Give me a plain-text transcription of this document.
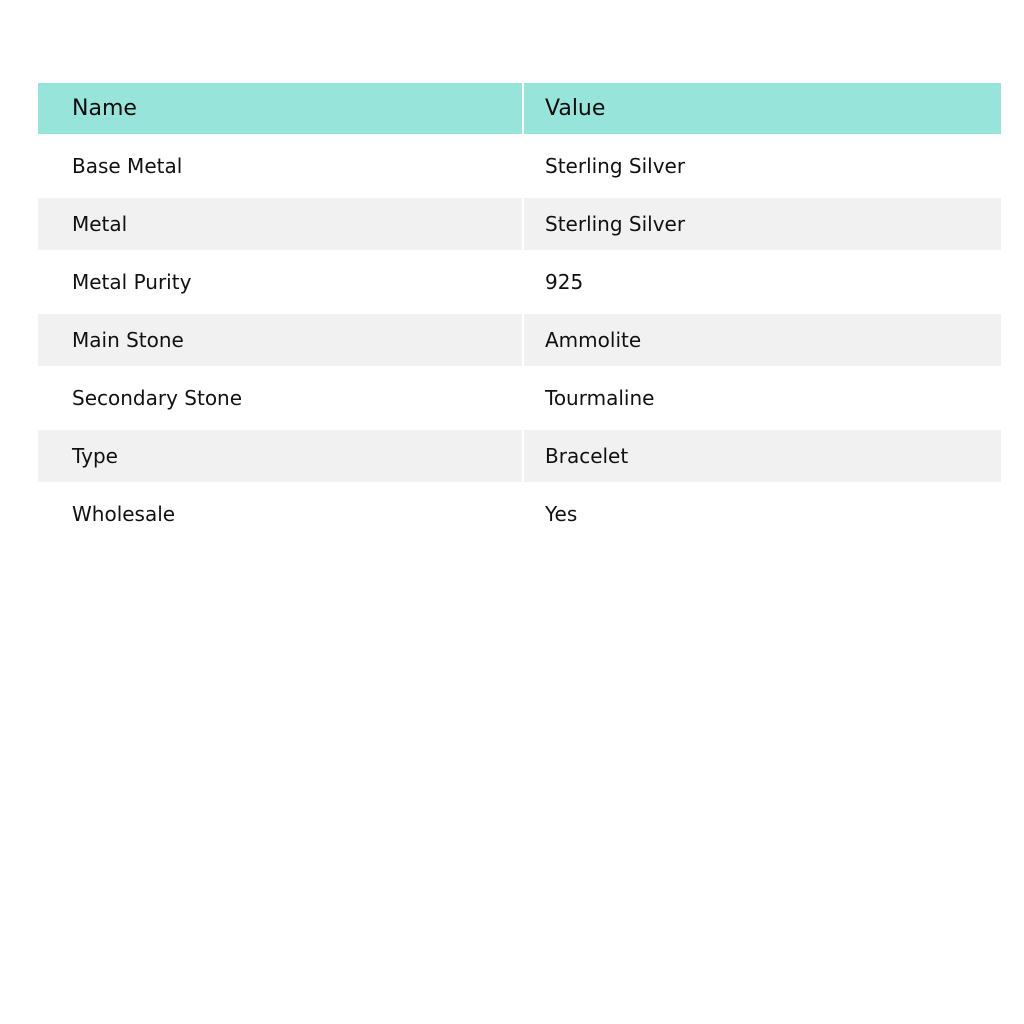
Name	Value
Base Metal	Sterling Silver
Metal	Sterling Silver
Metal Purity	925
Main Stone	Ammolite
Secondary Stone	Tourmaline
Type	Bracelet
Wholesale	Yes
